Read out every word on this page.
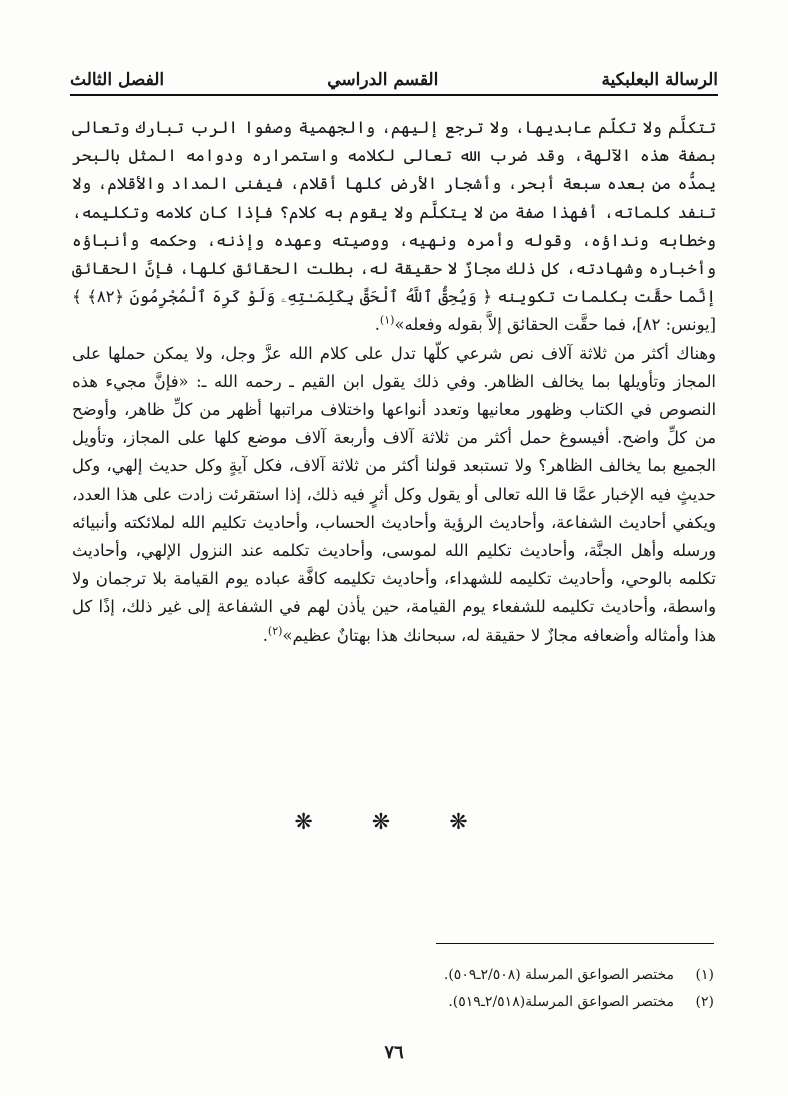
الرسالة البعلبكية
القسم الدراسي
الفصل الثالث

تتكلَّم ولا تكلّم عابديها، ولا ترجع إليهم، والجهمية وصفوا الرب تبارك وتعالى بصفة هذه الآلهة، وقد ضرب الله تعالى لكلامه واستمراره ودوامه المثل بالبحر يمدُّه من بعده سبعة أبحر، وأشجار الأرض كلها أقلام، فيفنى المداد والأقلام، ولا تنفد كلماته، أفهذا صفة من لا يتكلَّم ولا يقوم به كلام؟ فإذا كان كلامه وتكليمه، وخطابه ونداؤه، وقوله وأمره ونهيه، ووصيته وعهده وإذنه، وحكمه وأنباؤه وأخباره وشهادته، كل ذلك مجازٌ لا حقيقة له، بطلت الحقائق كلها، فإنَّ الحقائق إنَّما حقَّت بكلمات تكوينه ﴿ وَيُحِقُّ ٱللَّهُ ٱلْحَقَّ بِكَلِمَـٰتِهِۦ وَلَوْ كَرِهَ ٱلْمُجْرِمُونَ ﴿٨٢﴾ ﴾ [يونس: ٨٢]، فما حقَّت الحقائق إلاَّ بقوله وفعله»$^{(١)}$.

وهناك أكثر من ثلاثة آلاف نص شرعي كلّها تدل على كلام الله عزَّ وجل، ولا يمكن حملها على المجاز وتأويلها بما يخالف الظاهر. وفي ذلك يقول ابن القيم ـ رحمه الله ـ: «فإنَّ مجيء هذه النصوص في الكتاب وظهور معانيها وتعدد أنواعها واختلاف مراتبها أظهر من كلِّ ظاهر، وأوضح من كلِّ واضح. أفيسوغ حمل أكثر من ثلاثة آلاف وأربعة آلاف موضع كلها على المجاز، وتأويل الجميع بما يخالف الظاهر؟ ولا تستبعد قولنا أكثر من ثلاثة آلاف، فكل آيةٍ وكل حديث إلهي، وكل حديثٍ فيه الإخبار عمَّا قا الله تعالى أو يقول وكل أثرٍ فيه ذلك، إذا استقرئت زادت على هذا العدد، ويكفي أحاديث الشفاعة، وأحاديث الرؤية وأحاديث الحساب، وأحاديث تكليم الله لملائكته وأنبيائه ورسله وأهل الجنَّة، وأحاديث تكليم الله لموسى، وأحاديث تكلمه عند النزول الإلهي، وأحاديث تكلمه بالوحي، وأحاديث تكليمه للشهداء، وأحاديث تكليمه كافَّة عباده يوم القيامة بلا ترجمان ولا واسطة، وأحاديث تكليمه للشفعاء يوم القيامة، حين يأذن لهم في الشفاعة إلى غير ذلك، إذًا كل هذا وأمثاله وأضعافه مجازٌ لا حقيقة له، سبحانك هذا بهتانٌ عظيم»$^{(٢)}$.

❋ ❋ ❋
(١)
مختصر الصواعق المرسلة (٢/٥٠٨ـ٥٠٩).
(٢)
مختصر الصواعق المرسلة(٢/٥١٨ـ٥١٩).
٧٦
